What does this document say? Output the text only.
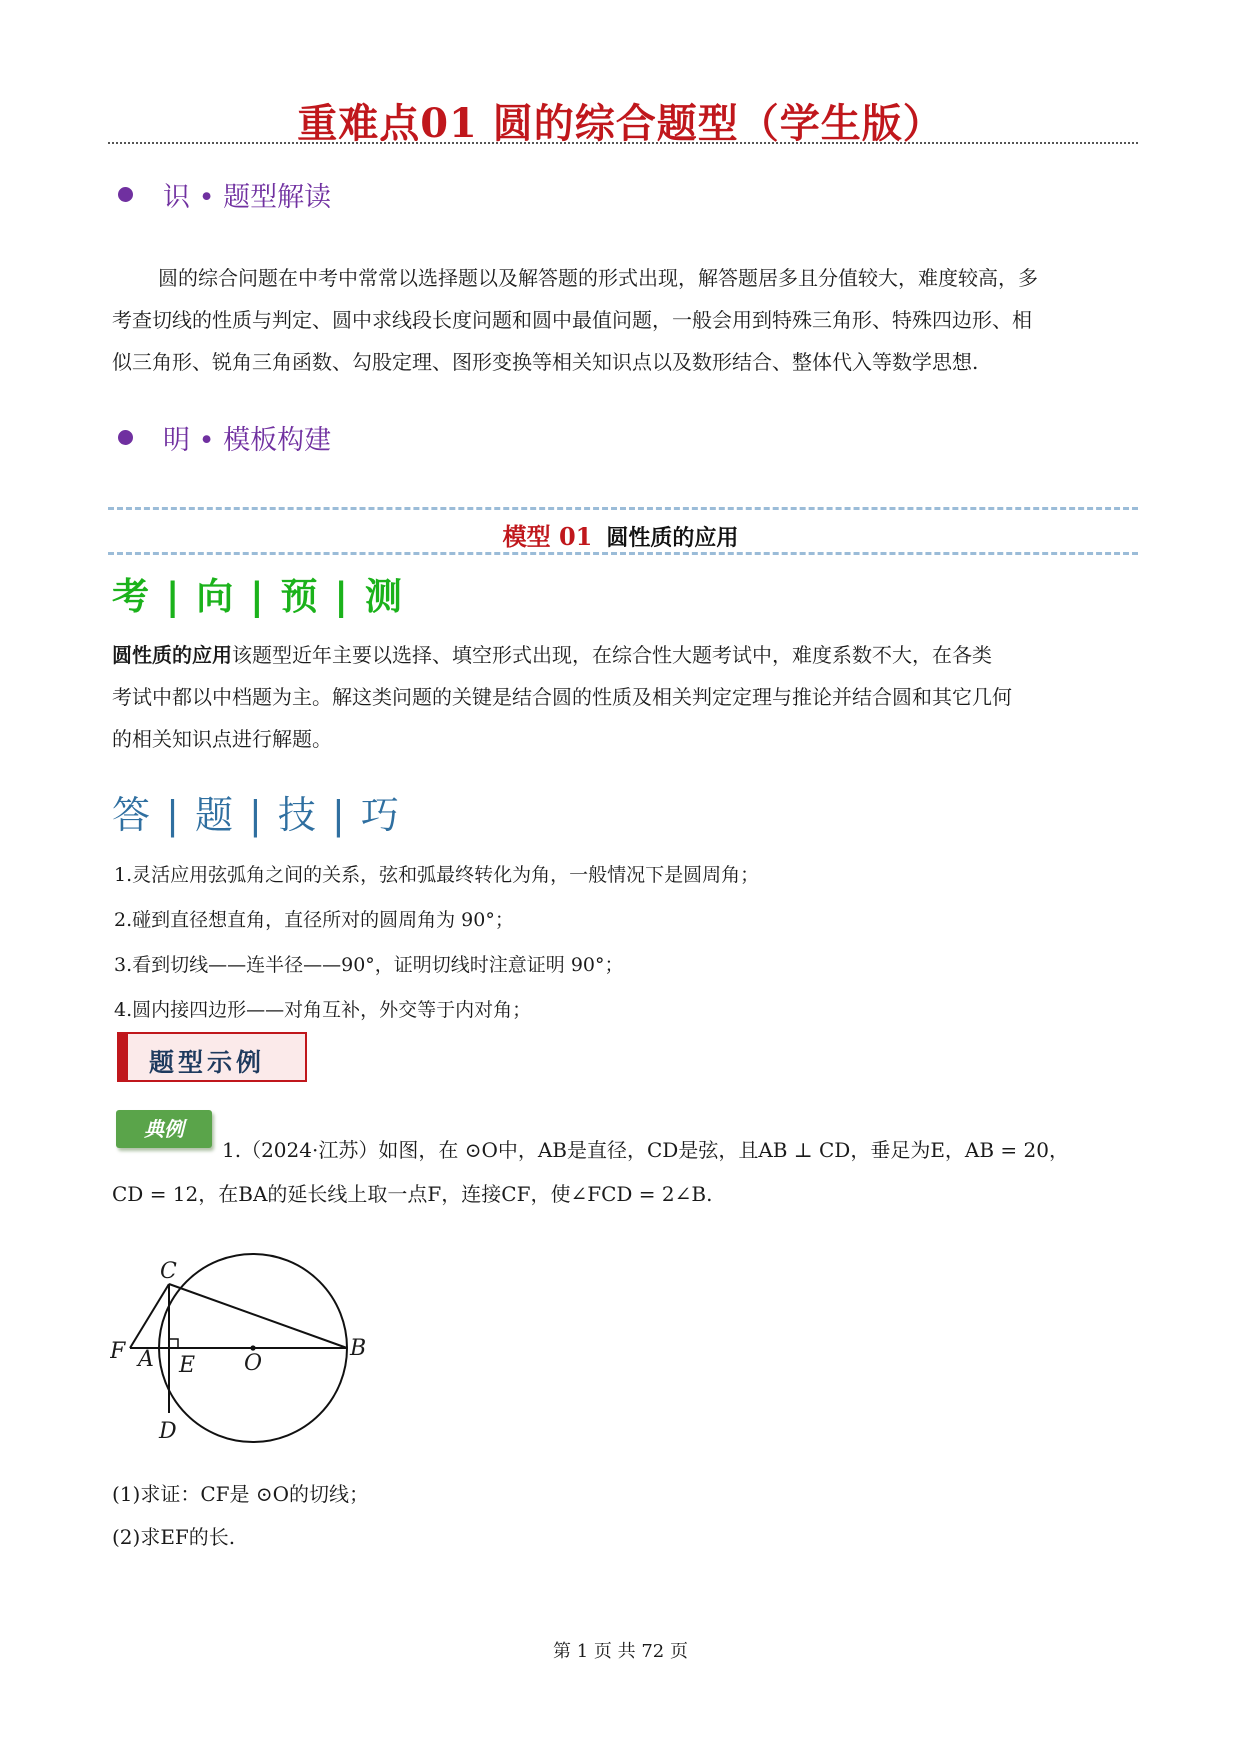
重难点01 圆的综合题型（学生版）
识 • 题型解读
圆的综合问题在中考中常常以选择题以及解答题的形式出现，解答题居多且分值较大，难度较高，多
考查切线的性质与判定、圆中求线段长度问题和圆中最值问题，一般会用到特殊三角形、特殊四边形、相
似三角形、锐角三角函数、勾股定理、图形变换等相关知识点以及数形结合、整体代入等数学思想.
明 • 模板构建
模型 01 圆性质的应用
考 | 向 | 预 | 测
圆性质的应用该题型近年主要以选择、填空形式出现，在综合性大题考试中，难度系数不大，在各类
考试中都以中档题为主。解这类问题的关键是结合圆的性质及相关判定定理与推论并结合圆和其它几何
的相关知识点进行解题。
答 | 题 | 技 | 巧
1.灵活应用弦弧角之间的关系，弦和弧最终转化为角，一般情况下是圆周角；
2.碰到直径想直角，直径所对的圆周角为 90°；
3.看到切线——连半径——90°，证明切线时注意证明 90°；
4.圆内接四边形——对角互补，外交等于内对角；
题型示例
典例
1.（2024·江苏）如图，在 ⊙O中，AB是直径，CD是弦，且AB ⊥ CD，垂足为E，AB = 20，
CD = 12，在BA的延长线上取一点F，连接CF，使∠FCD = 2∠B.
C
F A E O
B
D
(1)求证：CF是 ⊙O的切线；
(2)求EF的长.
第 1 页 共 72 页
